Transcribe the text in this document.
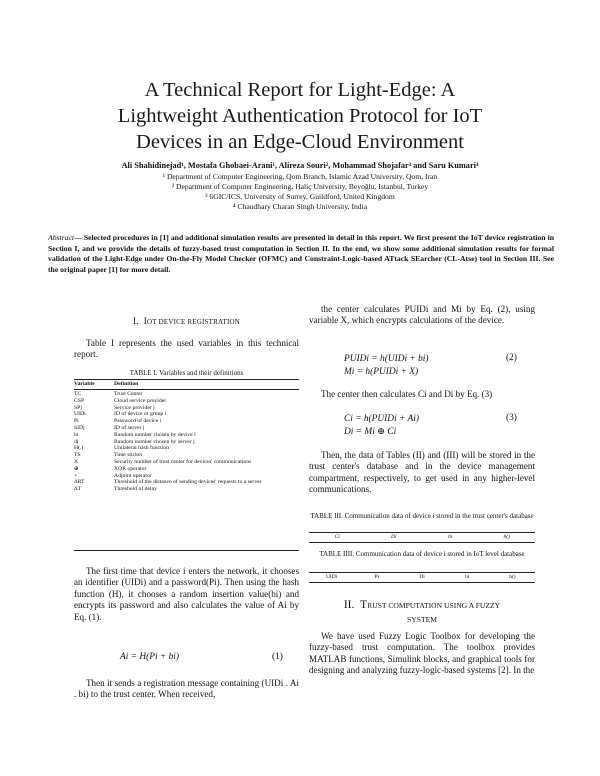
A Technical Report for Light-Edge: A
Lightweight Authentication Protocol for IoT
Devices in an Edge-Cloud Environment
Ali Shahidinejad¹, Mostafa Ghobaei-Arani¹, Alireza Souri², Mohammad Shojafar³ and Saru Kumari⁴
¹ Department of Computer Engineering, Qom Branch, Islamic Azad University, Qom, Iran
² Department of Computer Engineering, Haliç University, Beyoğlu, Istanbul, Turkey
³ 6GIC/ICS, University of Surrey, Guildford, United Kingdom
⁴ Chaudhary Charan Singh University, India
Abstract— Selected procedures in [1] and additional simulation results are presented in detail in this report. We first present the IoT device registration in Section I, and we provide the details of fuzzy-based trust computation in Section II. In the end, we show some additional simulation results for formal validation of the Light-Edge under On-the-Fly Model Checker (OFMC) and Constraint-Logic-based ATtack SEarcher (CL-Atse) tool in Section III. See the original paper [1] for more detail.
I. IOT DEVICE REGISTRATION

Table I represents the used variables in this technical report.

TABLE I. Variables and their definitions
Variable	Definition
TC	Trust Center
CSP	Cloud service provider
SPj	Service provider j
UIDi	ID of device or group i
Pi	Password of device i
SIDj	ID of server j
bi	Random number chosen by device i
dj	Random number chosen by server j
H(.)	Unilateral hash function
TS	Time sticker
X	Security number of trust center for devices' communications
⊕	XOR operator
+	Adjoint operator
ΔRT	Threshold of the distance of sending devices' requests to a server
ΔT	Threshold of delay

The first time that device i enters the network, it chooses an identifier (UIDi) and a password(Pi). Then using the hash function (H), it chooses a random insertion value(bi) and encrypts its password and also calculates the value of Ai by Eq. (1).

Ai = H(Pi + bi)	(1)

Then it sends a registration message containing (UIDi . Ai . bi) to the trust center. When received,

the center calculates PUIDi and Mi by Eq. (2), using variable X, which encrypts calculations of the device.

PUIDi = h(UIDi + bi)
Mi = h(PUIDi + X)
(2)

The center then calculates Ci and Di by Eq. (3)

Ci = h(PUIDi + Ai)
Di = Mi ⊕ Ci
(3)

Then, the data of Tables (II) and (III) will be stored in the trust center's database and in the device management compartment, respectively, to get used in any higher-level communications.

TABLE III. Communication data of device i stored in the trust center's database
Ci	Di	bi	h()
TABLE IIII. Communication data of device i stored in IoT level database
UIDi	Pi	Di	bi	h()
II. TRUST COMPUTATION USING A FUZZY
SYSTEM

We have used Fuzzy Logic Toolbox for developing the fuzzy-based trust computation. The toolbox provides MATLAB functions, Simulink blocks, and graphical tools for designing and analyzing fuzzy-logic-based systems [2]. In the
